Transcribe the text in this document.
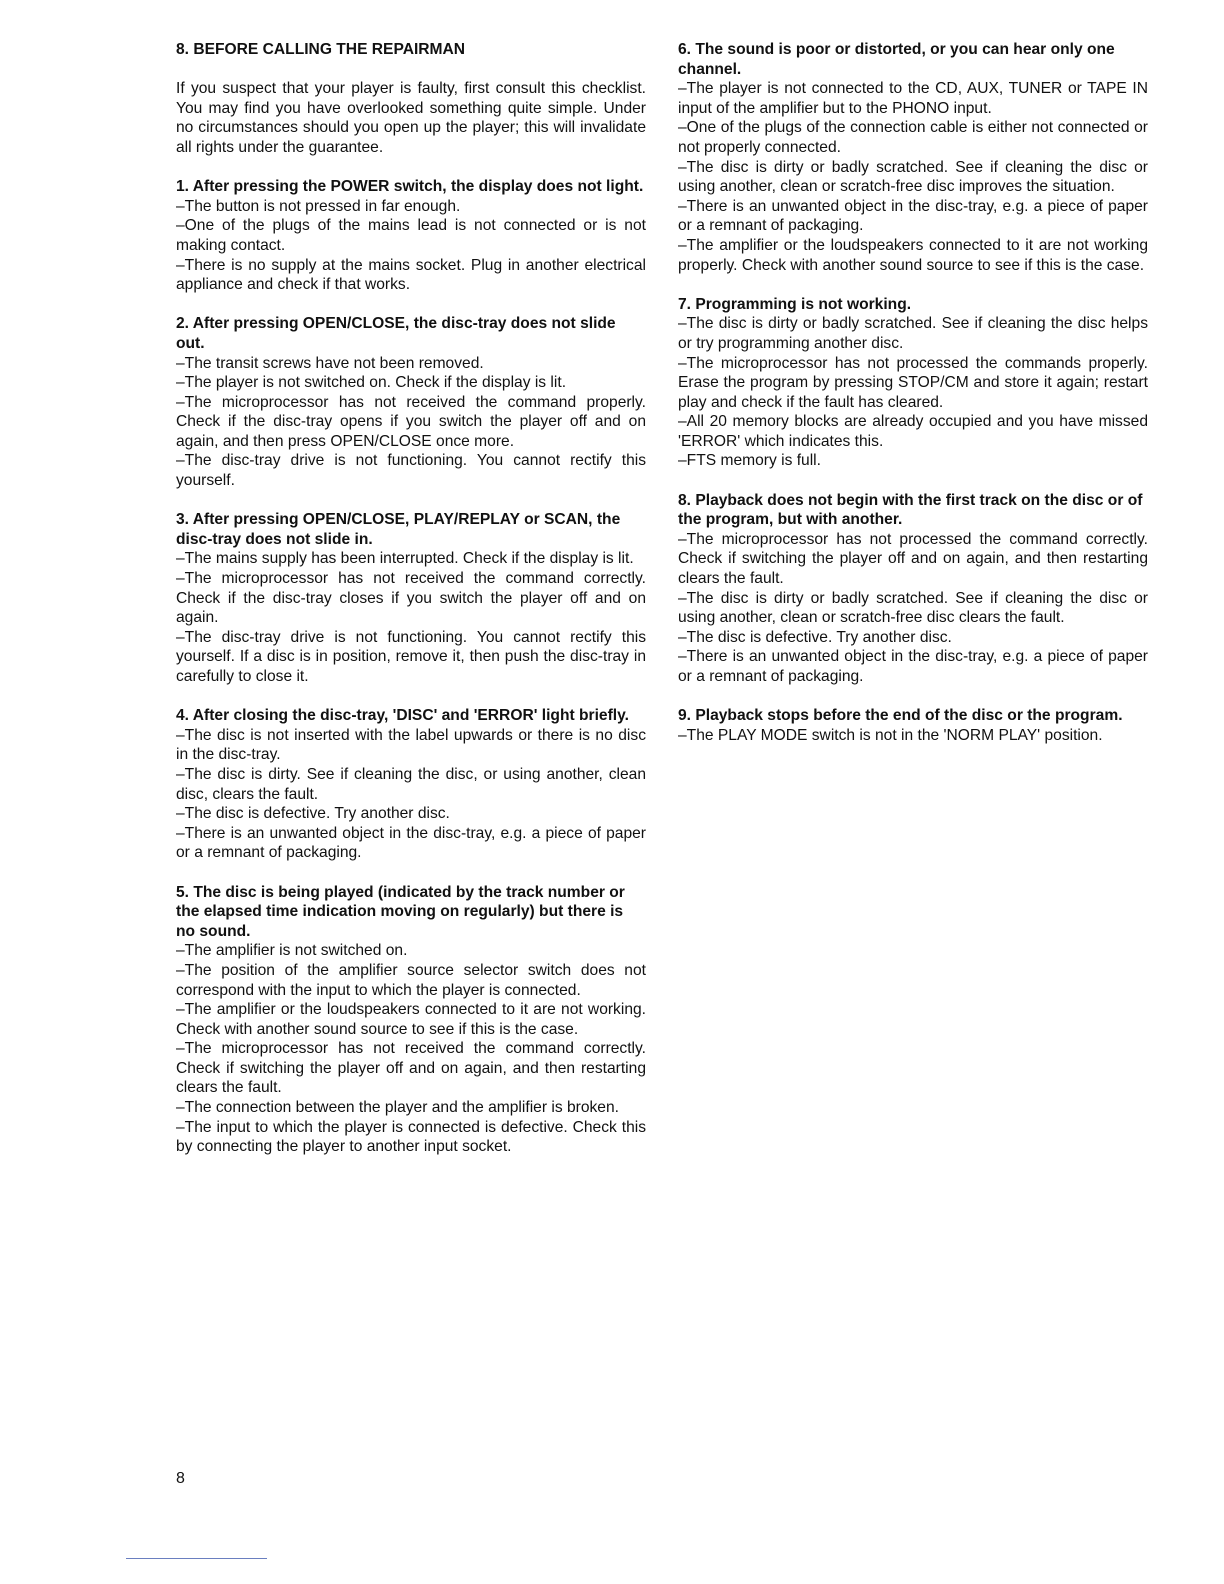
8. BEFORE CALLING THE REPAIRMAN

If you suspect that your player is faulty, first consult this checklist. You may find you have overlooked something quite simple. Under no circumstances should you open up the player; this will invalidate all rights under the guarantee.

1. After pressing the POWER switch, the display does not light.

–The button is not pressed in far enough.

–One of the plugs of the mains lead is not connected or is not making contact.

–There is no supply at the mains socket. Plug in another electrical appliance and check if that works.

2. After pressing OPEN/CLOSE, the disc-tray does not slide out.

–The transit screws have not been removed.

–The player is not switched on. Check if the display is lit.

–The microprocessor has not received the command properly. Check if the disc-tray opens if you switch the player off and on again, and then press OPEN/CLOSE once more.

–The disc-tray drive is not functioning. You cannot rectify this yourself.

3. After pressing OPEN/CLOSE, PLAY/REPLAY or SCAN, the disc-tray does not slide in.

–The mains supply has been interrupted. Check if the display is lit.

–The microprocessor has not received the command correctly. Check if the disc-tray closes if you switch the player off and on again.

–The disc-tray drive is not functioning. You cannot rectify this yourself. If a disc is in position, remove it, then push the disc-tray in carefully to close it.

4. After closing the disc-tray, 'DISC' and 'ERROR' light briefly.

–The disc is not inserted with the label upwards or there is no disc in the disc-tray.

–The disc is dirty. See if cleaning the disc, or using another, clean disc, clears the fault.

–The disc is defective. Try another disc.

–There is an unwanted object in the disc-tray, e.g. a piece of paper or a remnant of packaging.

5. The disc is being played (indicated by the track number or the elapsed time indication moving on regularly) but there is no sound.

–The amplifier is not switched on.

–The position of the amplifier source selector switch does not correspond with the input to which the player is connected.

–The amplifier or the loudspeakers connected to it are not working. Check with another sound source to see if this is the case.

–The microprocessor has not received the command correctly. Check if switching the player off and on again, and then restarting clears the fault.

–The connection between the player and the amplifier is broken.

–The input to which the player is connected is defective. Check this by connecting the player to another input socket.

6. The sound is poor or distorted, or you can hear only one channel.

–The player is not connected to the CD, AUX, TUNER or TAPE IN input of the amplifier but to the PHONO input.

–One of the plugs of the connection cable is either not connected or not properly connected.

–The disc is dirty or badly scratched. See if cleaning the disc or using another, clean or scratch-free disc improves the situation.

–There is an unwanted object in the disc-tray, e.g. a piece of paper or a remnant of packaging.

–The amplifier or the loudspeakers connected to it are not working properly. Check with another sound source to see if this is the case.

7. Programming is not working.

–The disc is dirty or badly scratched. See if cleaning the disc helps or try programming another disc.

–The microprocessor has not processed the commands properly. Erase the program by pressing STOP/CM and store it again; restart play and check if the fault has cleared.

–All 20 memory blocks are already occupied and you have missed 'ERROR' which indicates this.

–FTS memory is full.

8. Playback does not begin with the first track on the disc or of the program, but with another.

–The microprocessor has not processed the command correctly. Check if switching the player off and on again, and then restarting clears the fault.

–The disc is dirty or badly scratched. See if cleaning the disc or using another, clean or scratch-free disc clears the fault.

–The disc is defective. Try another disc.

–There is an unwanted object in the disc-tray, e.g. a piece of paper or a remnant of packaging.

9. Playback stops before the end of the disc or the program.

–The PLAY MODE switch is not in the 'NORM PLAY' position.

8
